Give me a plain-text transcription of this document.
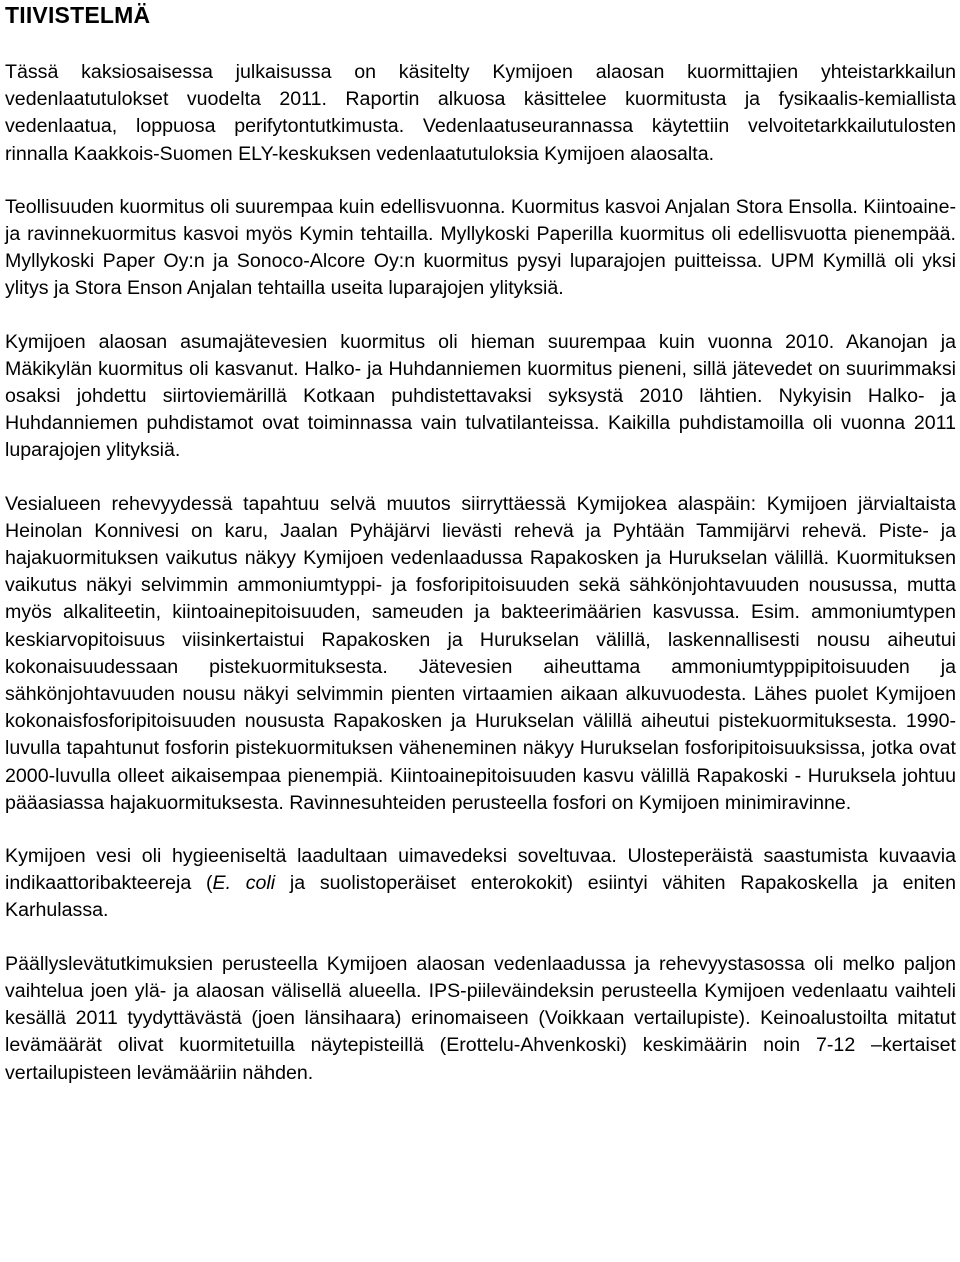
TIIVISTELMÄ

Tässä kaksiosaisessa julkaisussa on käsitelty Kymijoen alaosan kuormittajien yhteistarkkailun vedenlaatutulokset vuodelta 2011. Raportin alkuosa käsittelee kuormitusta ja fysikaalis-kemiallista vedenlaatua, loppuosa perifytontutkimusta. Vedenlaatuseurannassa käytettiin velvoitetarkkailutulosten rinnalla Kaakkois-Suomen ELY-keskuksen vedenlaatutuloksia Kymijoen alaosalta.

Teollisuuden kuormitus oli suurempaa kuin edellisvuonna. Kuormitus kasvoi Anjalan Stora Ensolla. Kiintoaine- ja ravinnekuormitus kasvoi myös Kymin tehtailla. Myllykoski Paperilla kuormitus oli edellisvuotta pienempää. Myllykoski Paper Oy:n ja Sonoco-Alcore Oy:n kuormitus pysyi luparajojen puitteissa. UPM Kymillä oli yksi ylitys ja Stora Enson Anjalan tehtailla useita luparajojen ylityksiä.

Kymijoen alaosan asumajätevesien kuormitus oli hieman suurempaa kuin vuonna 2010. Akanojan ja Mäkikylän kuormitus oli kasvanut. Halko- ja Huhdanniemen kuormitus pieneni, sillä jätevedet on suurimmaksi osaksi johdettu siirtoviemärillä Kotkaan puhdistettavaksi syksystä 2010 lähtien. Nykyisin Halko- ja Huhdanniemen puhdistamot ovat toiminnassa vain tulvatilanteissa. Kaikilla puhdistamoilla oli vuonna 2011 luparajojen ylityksiä.

Vesialueen rehevyydessä tapahtuu selvä muutos siirryttäessä Kymijokea alaspäin: Kymijoen järvialtaista Heinolan Konnivesi on karu, Jaalan Pyhäjärvi lievästi rehevä ja Pyhtään Tammijärvi rehevä. Piste- ja hajakuormituksen vaikutus näkyy Kymijoen vedenlaadussa Rapakosken ja Hurukselan välillä. Kuormituksen vaikutus näkyi selvimmin ammoniumtyppi- ja fosforipitoisuuden sekä sähkönjohtavuuden nousussa, mutta myös alkaliteetin, kiintoainepitoisuuden, sameuden ja bakteerimäärien kasvussa. Esim. ammoniumtypen keskiarvopitoisuus viisinkertaistui Rapakosken ja Hurukselan välillä, laskennallisesti nousu aiheutui kokonaisuudessaan pistekuormituksesta. Jätevesien aiheuttama ammoniumtyppipitoisuuden ja sähkönjohtavuuden nousu näkyi selvimmin pienten virtaamien aikaan alkuvuodesta. Lähes puolet Kymijoen kokonaisfosforipitoisuuden noususta Rapakosken ja Hurukselan välillä aiheutui pistekuormituksesta. 1990-luvulla tapahtunut fosforin pistekuormituksen väheneminen näkyy Hurukselan fosforipitoisuuksissa, jotka ovat 2000-luvulla olleet aikaisempaa pienempiä. Kiintoainepitoisuuden kasvu välillä Rapakoski - Huruksela johtuu pääasiassa hajakuormituksesta. Ravinnesuhteiden perusteella fosfori on Kymijoen minimiravinne.

Kymijoen vesi oli hygieeniseltä laadultaan uimavedeksi soveltuvaa. Ulosteperäistä saastumista kuvaavia indikaattoribakteereja (E. coli ja suolistoperäiset enterokokit) esiintyi vähiten Rapakoskella ja eniten Karhulassa.

Päällyslevätutkimuksien perusteella Kymijoen alaosan vedenlaadussa ja rehevyystasossa oli melko paljon vaihtelua joen ylä- ja alaosan välisellä alueella. IPS-piileväindeksin perusteella Kymijoen vedenlaatu vaihteli kesällä 2011 tyydyttävästä (joen länsihaara) erinomaiseen (Voikkaan vertailupiste). Keinoalustoilta mitatut levämäärät olivat kuormitetuilla näytepisteillä (Erottelu-Ahvenkoski) keskimäärin noin 7-12 –kertaiset vertailupisteen levämääriin nähden.
